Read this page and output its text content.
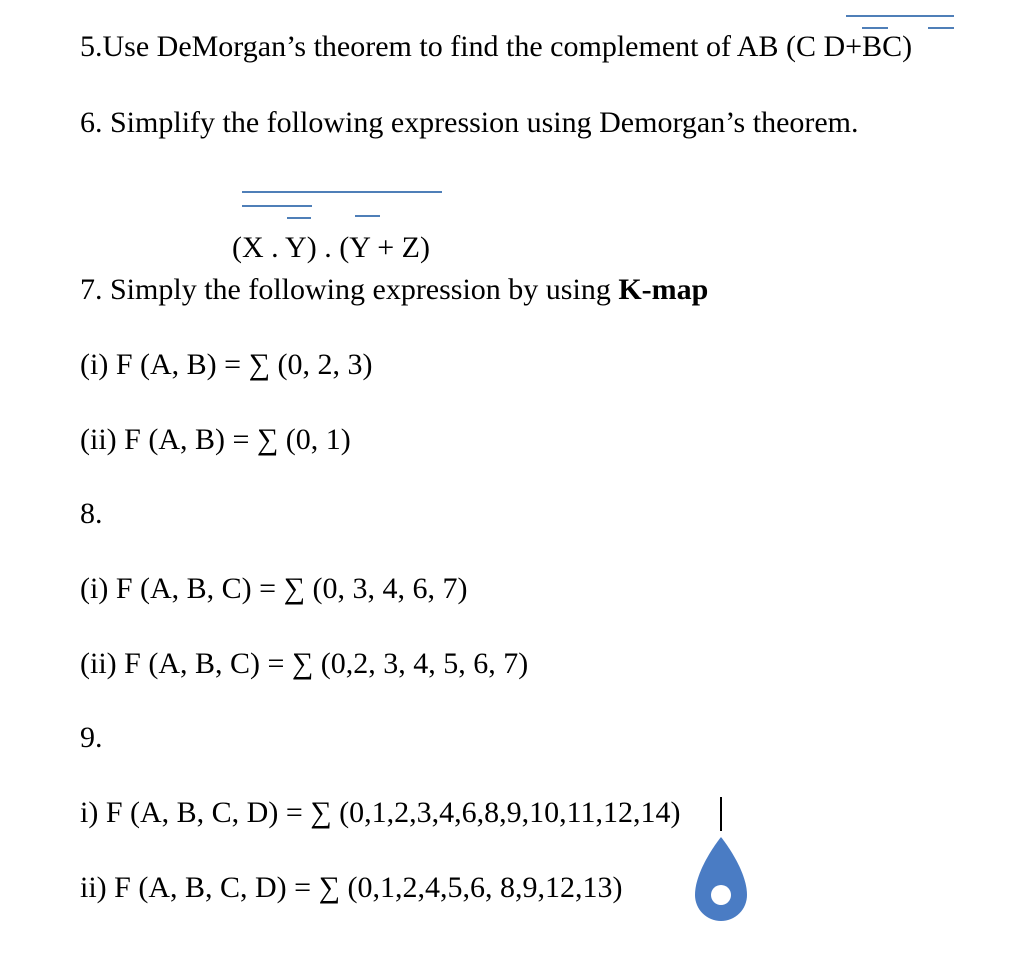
5.Use DeMorgan’s theorem to find the complement of AB (C D+BC)
6. Simplify the following expression using Demorgan’s theorem.
(X . Y) . (Y + Z)
7. Simply the following expression by using K-map
(i) F (A, B) = ∑ (0, 2, 3)
(ii) F (A, B) = ∑ (0, 1)
8.
(i) F (A, B, C) = ∑ (0, 3, 4, 6, 7)
(ii) F (A, B, C) = ∑ (0,2, 3, 4, 5, 6, 7)
9.
i) F (A, B, C, D) = ∑ (0,1,2,3,4,6,8,9,10,11,12,14)
ii) F (A, B, C, D) = ∑ (0,1,2,4,5,6, 8,9,12,13)
